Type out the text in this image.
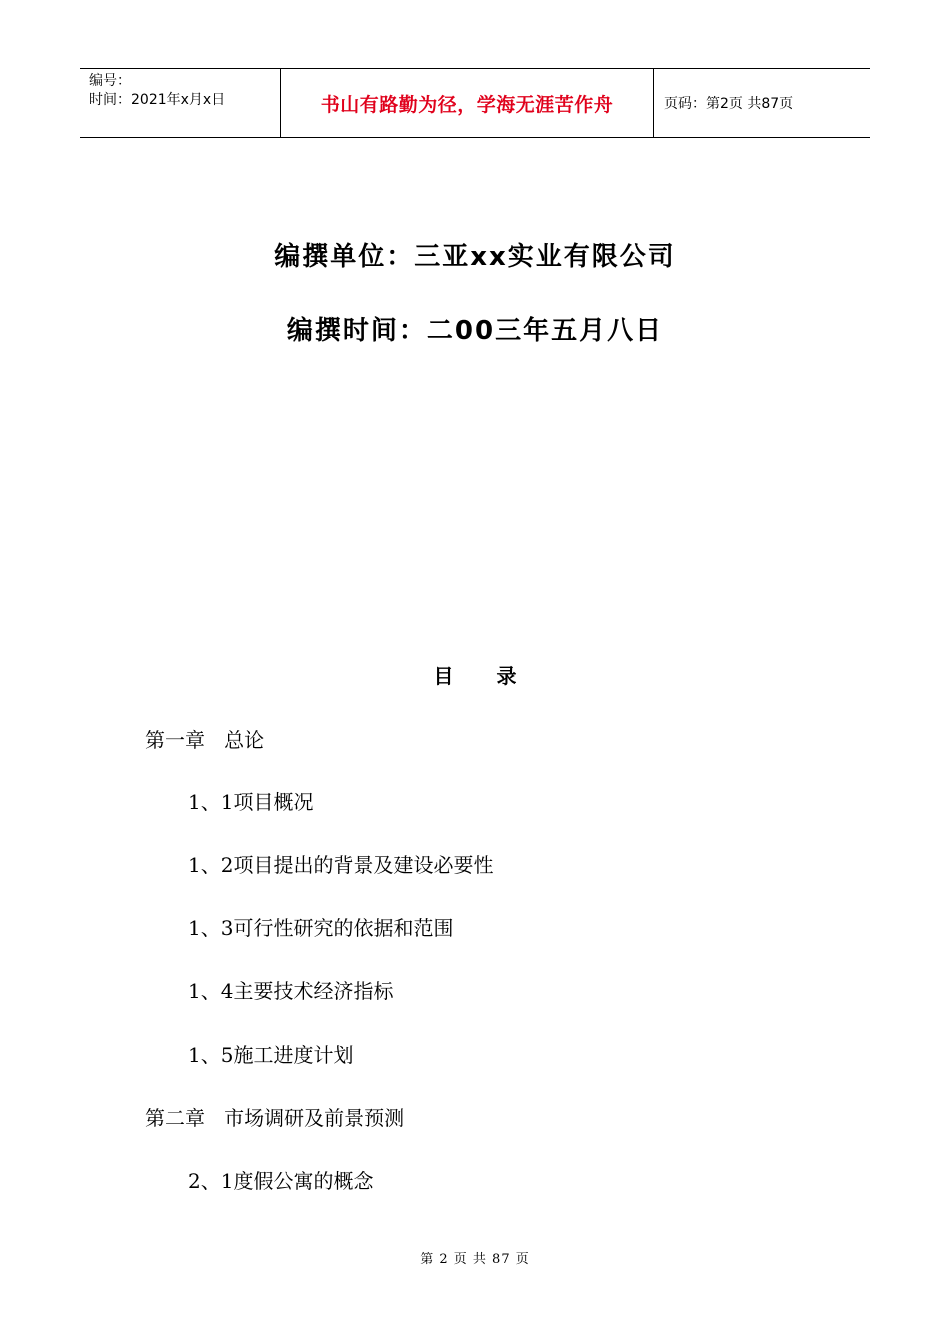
编号：
时间：2021年x月x日	书山有路勤为径，学海无涯苦作舟	页码：第2页 共87页
编撰单位：三亚xx实业有限公司
编撰时间：二00三年五月八日
目 录
第一章   总论
1、1项目概况
1、2项目提出的背景及建设必要性
1、3可行性研究的依据和范围
1、4主要技术经济指标
1、5施工进度计划
第二章   市场调研及前景预测
2、1度假公寓的概念
第 2 页 共 87 页
